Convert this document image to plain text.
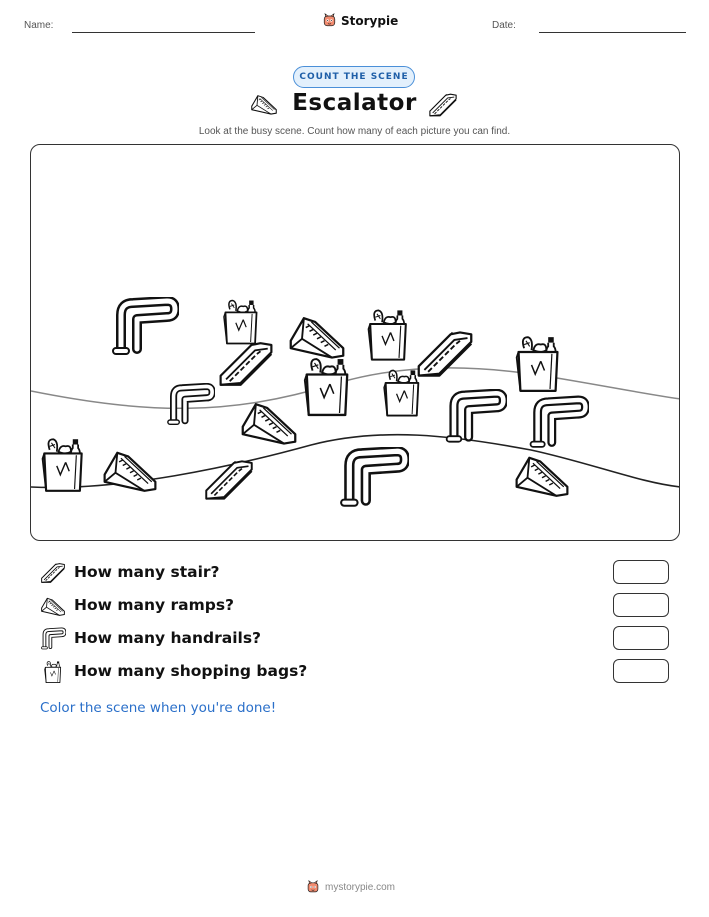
Name:	Storypie	Date:
COUNT THE SCENE
Escalator
Look at the busy scene. Count how many of each picture you can find.
How many stair?
How many ramps?
How many handrails?
How many shopping bags?
Color the scene when you're done!
mystorypie.com
